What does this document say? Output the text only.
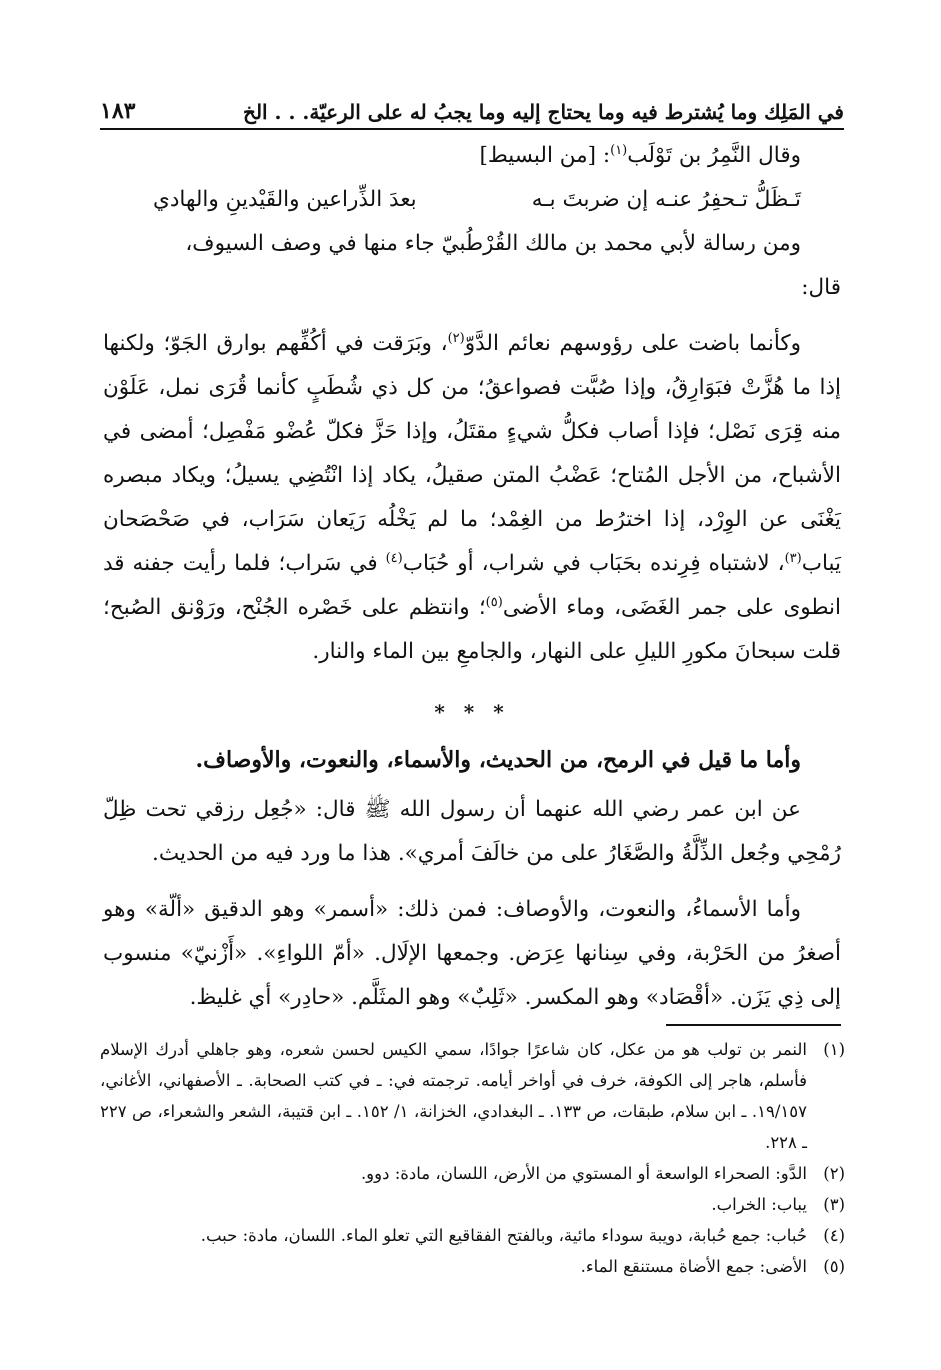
في المَلِك وما يُشترط فيه وما يحتاج إليه وما يجبُ له على الرعيّة. . . الخ
١٨٣

وقال النَّمِرُ بن تَوْلَب$^{(١)}$: [من البسيط]

تَـظَلُّ تـحفِرُ عنـه إن ضربتَ بـه
بعدَ الذِّراعين والقَيْدينِ والهادي

ومن رسالة لأبي محمد بن مالك القُرْطُبيّ جاء منها في وصف السيوف،

قال:

وكأنما باضت على رؤوسهم نعائم الدَّوّ$^{(٢)}$، وبَرَقت في أكُفِّهم بوارق الجَوّ؛ ولكنها إذا ما هُزَّتْ فبَوَارِقُ، وإذا صُبَّت فصواعقُ؛ من كل ذي شُطَبٍ كأنما قُرَى نمل، عَلَوْن منه قِرَى نَصْل؛ فإذا أصاب فكلُّ شيءٍ مقتَلُ، وإذا حَزَّ فكلّ عُضْو مَفْصِل؛ أمضى في الأشباح، من الأجل المُتاح؛ عَضْبُ المتن صقيلُ، يكاد إذا انْتُضِي يسيلُ؛ ويكاد مبصره يَغْنَى عن الوِرْد، إذا اخترُط من الغِمْد؛ ما لم يَخْلُه رَيَعان سَرَاب، في صَحْصَحان يَباب$^{(٣)}$، لاشتباه فِرِنده بحَبَاب في شراب، أو حُبَاب$^{(٤)}$ في سَراب؛ فلما رأيت جفنه قد انطوى على جمر الغَضَى، وماء الأضى$^{(٥)}$؛ وانتظم على خَصْره الجُنْح، ورَوْنق الصُبح؛ قلت سبحانَ مكورِ الليلِ على النهار، والجامعِ بين الماء والنار.

* * *

وأما ما قيل في الرمح، من الحديث، والأسماء، والنعوت، والأوصاف.

عن ابن عمر رضي الله عنهما أن رسول الله ﷺ قال: «جُعِل رزقي تحت ظِلّ رُمْحِي وجُعل الذِّلَّةُ والصَّغَارُ على من خالَفَ أمري». هذا ما ورد فيه من الحديث.

وأما الأسماءُ، والنعوت، والأوصاف: فمن ذلك: «أسمر» وهو الدقيق «ألّة» وهو أصغرُ من الحَرْبة، وفي سِنانها عِرَض. وجمعها الإلَال. «أمّ اللواءِ». «أَزْنيّ» منسوب إلى ذِي يَزَن. «أقْصَاد» وهو المكسر. «ثَلِبٌ» وهو المثَلَّم. «حادِر» أي غليظ.

(١)
النمر بن تولب هو من عكل، كان شاعرًا جوادًا، سمي الكيس لحسن شعره، وهو جاهلي أدرك الإسلام فأسلم، هاجر إلى الكوفة، خرف في أواخر أيامه. ترجمته في: ـ في كتب الصحابة. ـ الأصفهاني، الأغاني، ١٩/١٥٧. ـ ابن سلام، طبقات، ص ١٣٣. ـ البغدادي، الخزانة، ١/ ١٥٢. ـ ابن قتيبة، الشعر والشعراء، ص ٢٢٧ ـ ٢٢٨.
(٢)
الدَّو: الصحراء الواسعة أو المستوي من الأرض، اللسان، مادة: دوو.
(٣)
يباب: الخراب.
(٤)
حُباب: جمع حُبابة، دويبة سوداء مائية، وبالفتح الفقاقيع التي تعلو الماء. اللسان، مادة: حبب.
(٥)
الأضى: جمع الأضاة مستنقع الماء.
